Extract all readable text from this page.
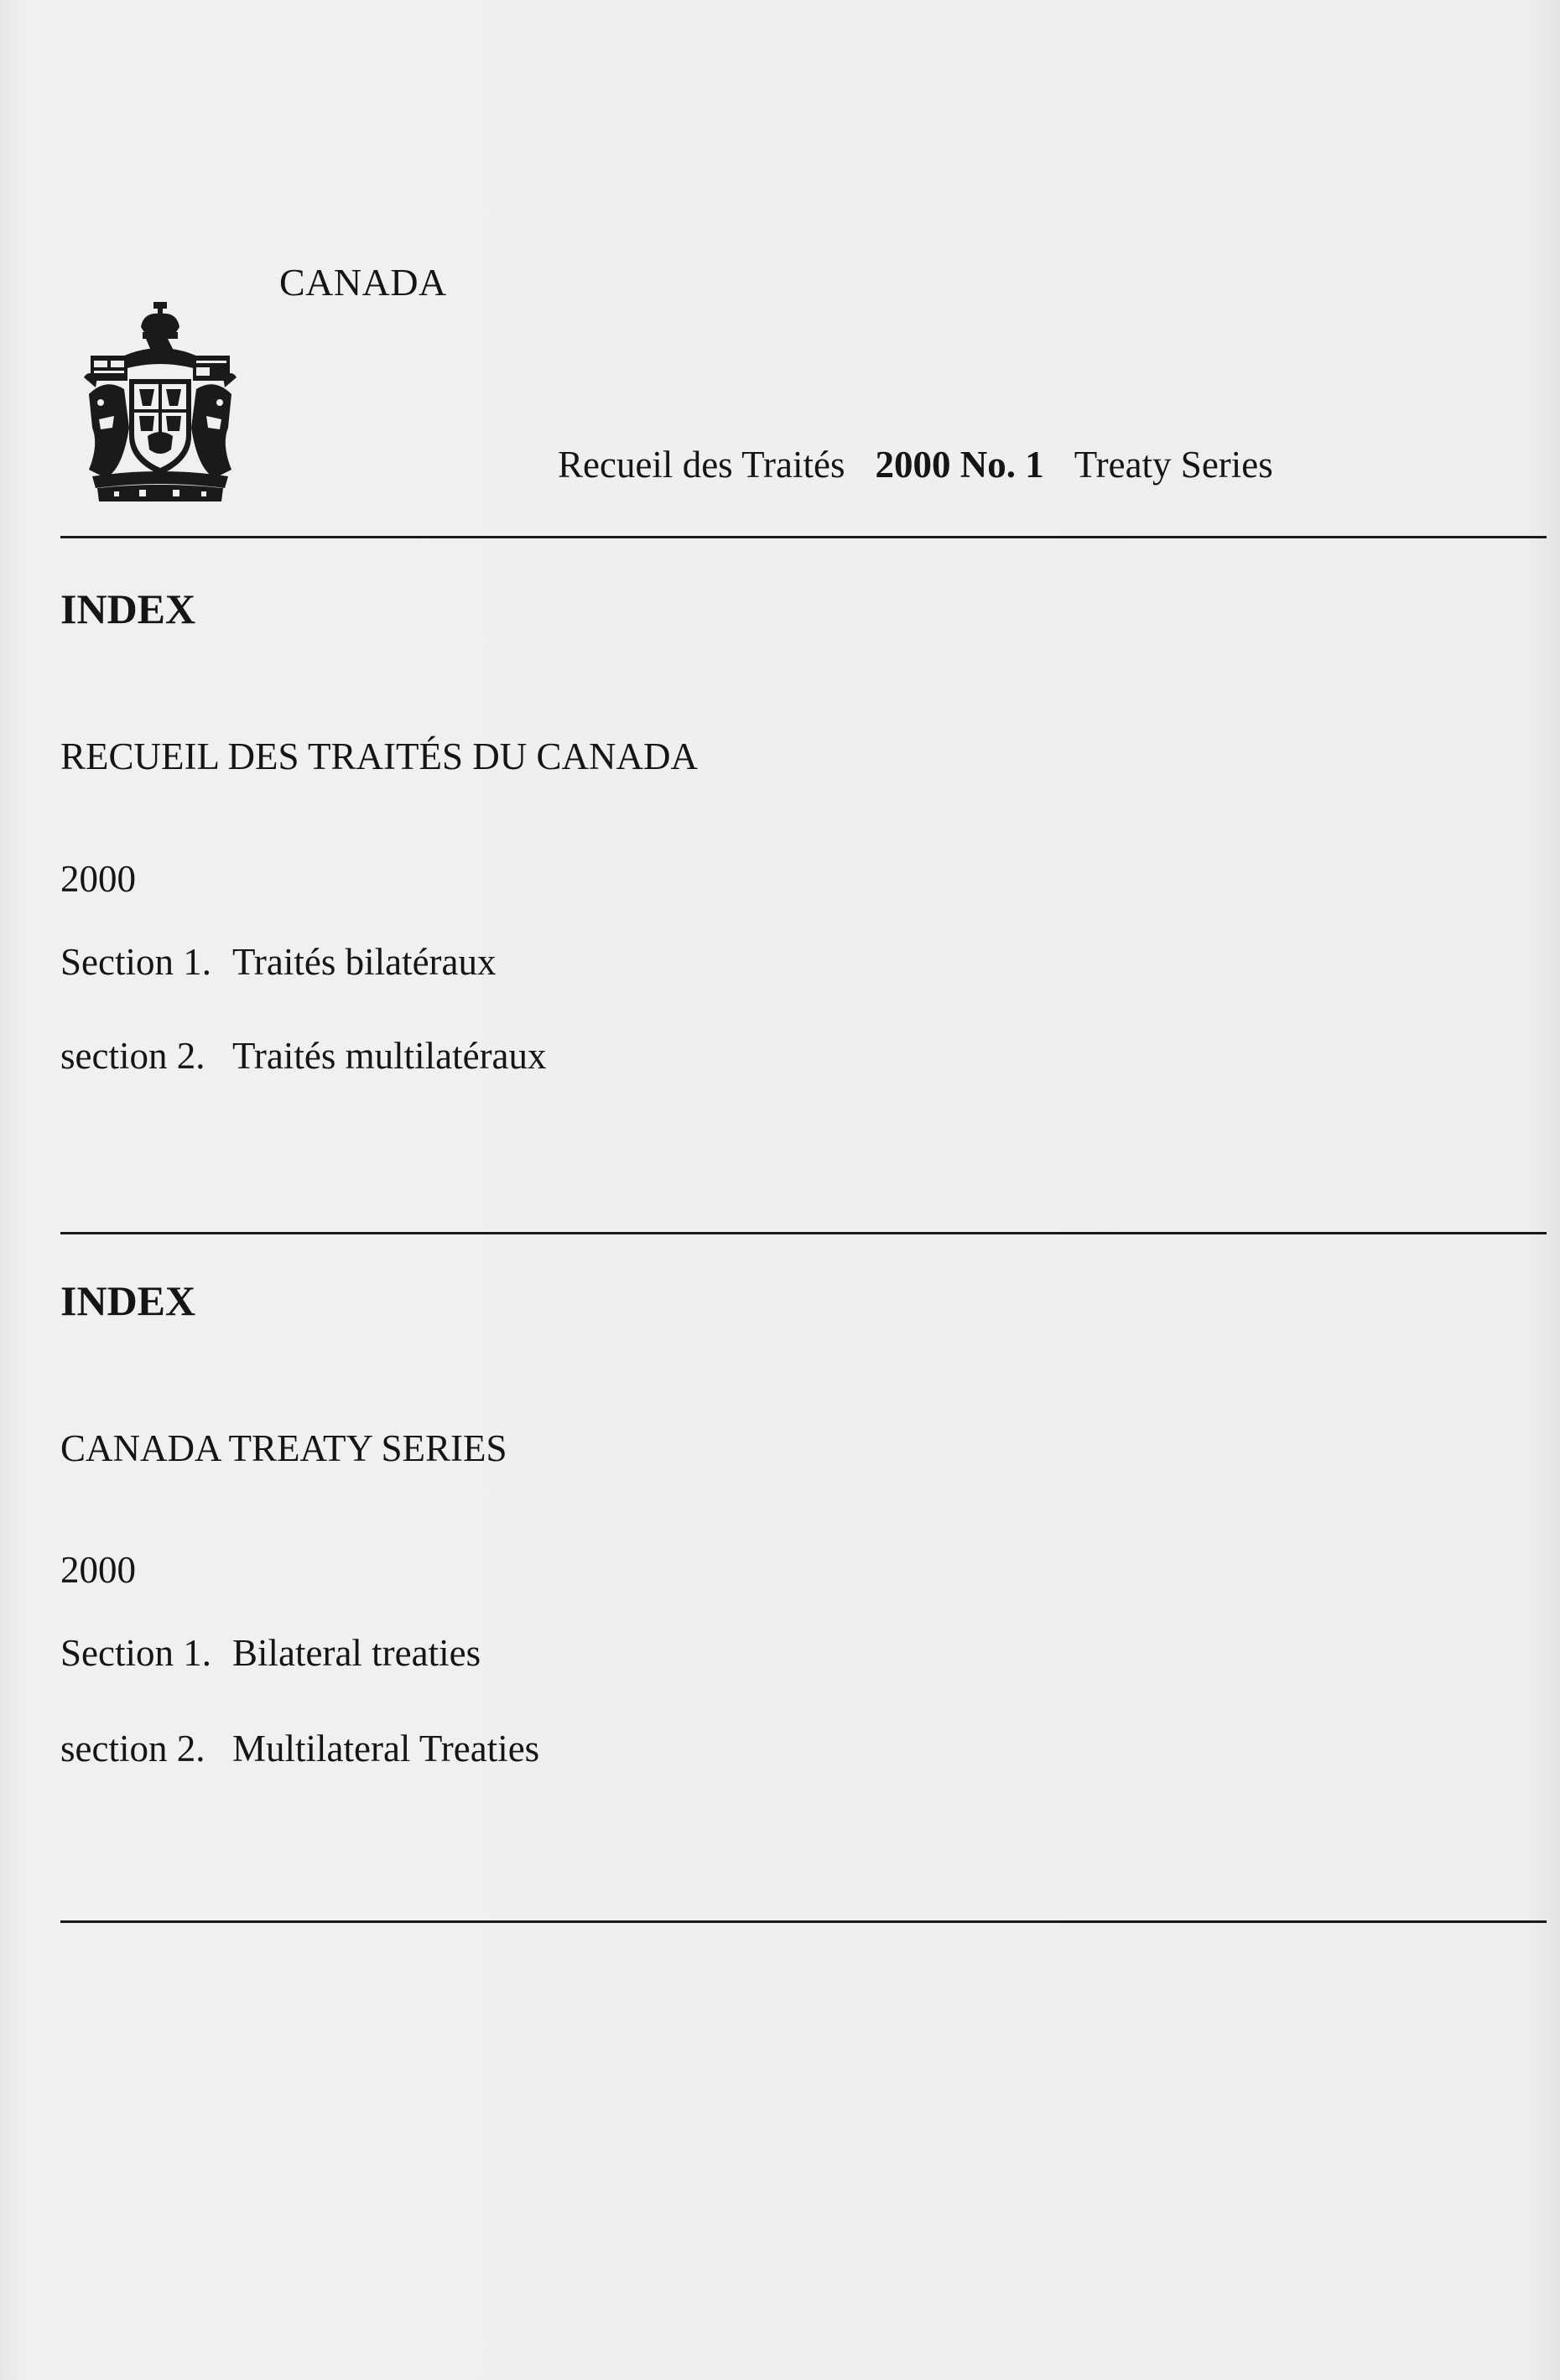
CANADA
Recueil des Traités 2000 No. 1 Treaty Series
INDEX
RECUEIL DES TRAITÉS DU CANADA
2000
Section 1. Traités bilatéraux
section 2. Traités multilatéraux
INDEX
CANADA TREATY SERIES
2000
Section 1. Bilateral treaties
section 2. Multilateral Treaties
